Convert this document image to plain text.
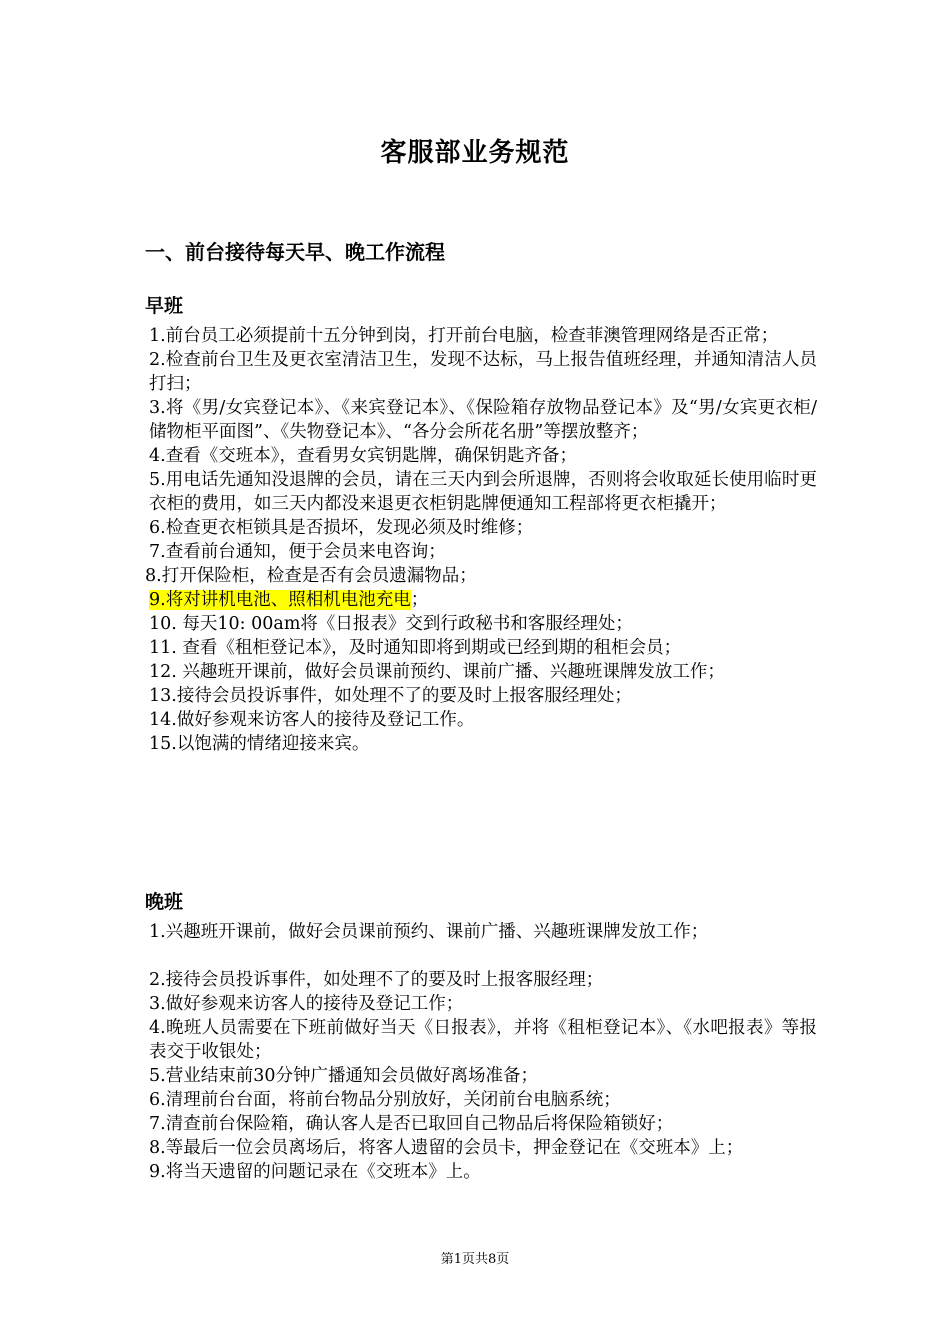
客服部业务规范
一、前台接待每天早、晚工作流程
早班
1.前台员工必须提前十五分钟到岗，打开前台电脑，检查菲澳管理网络是否正常；
2.检查前台卫生及更衣室清洁卫生，发现不达标，马上报告值班经理，并通知清洁人员打扫；
3.将《男/女宾登记本》、《来宾登记本》、《保险箱存放物品登记本》及“男/女宾更衣柜/储物柜平面图”、《失物登记本》、“各分会所花名册”等摆放整齐；
4.查看《交班本》，查看男女宾钥匙牌，确保钥匙齐备；
5.用电话先通知没退牌的会员，请在三天内到会所退牌，否则将会收取延长使用临时更衣柜的费用，如三天内都没来退更衣柜钥匙牌便通知工程部将更衣柜撬开；
6.检查更衣柜锁具是否损坏，发现必须及时维修；
7.查看前台通知，便于会员来电咨询；
8.打开保险柜，检查是否有会员遗漏物品；
9.将对讲机电池、照相机电池充电；
10. 每天10: 00am将《日报表》交到行政秘书和客服经理处；
11. 查看《租柜登记本》，及时通知即将到期或已经到期的租柜会员；
12. 兴趣班开课前，做好会员课前预约、课前广播、兴趣班课牌发放工作；
13.接待会员投诉事件，如处理不了的要及时上报客服经理处；
14.做好参观来访客人的接待及登记工作。
15.以饱满的情绪迎接来宾。
晚班
1.兴趣班开课前，做好会员课前预约、课前广播、兴趣班课牌发放工作；
2.接待会员投诉事件，如处理不了的要及时上报客服经理；
3.做好参观来访客人的接待及登记工作；
4.晚班人员需要在下班前做好当天《日报表》，并将《租柜登记本》、《水吧报表》等报表交于收银处；
5.营业结束前30分钟广播通知会员做好离场准备；
6.清理前台台面，将前台物品分别放好，关闭前台电脑系统；
7.清查前台保险箱，确认客人是否已取回自己物品后将保险箱锁好；
8.等最后一位会员离场后，将客人遗留的会员卡，押金登记在《交班本》上；
9.将当天遗留的问题记录在《交班本》上。
第1页共8页
